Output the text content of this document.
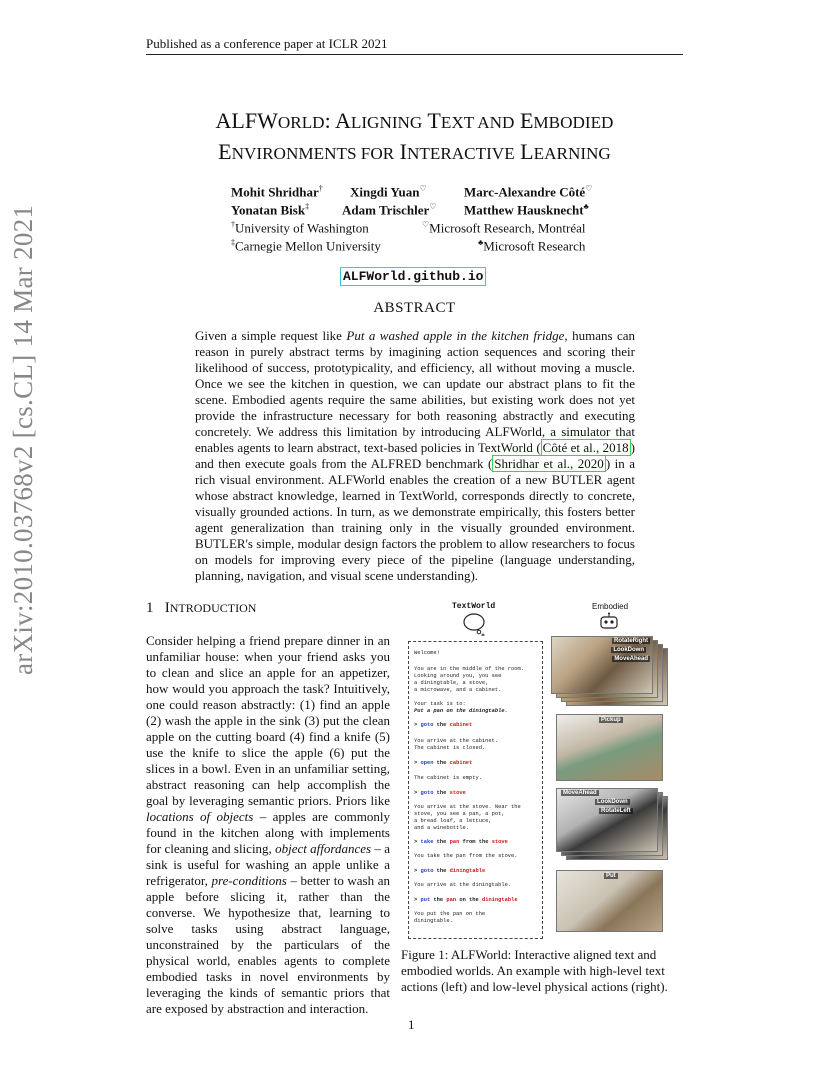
Published as a conference paper at ICLR 2021
arXiv:2010.03768v2 [cs.CL] 14 Mar 2021
ALFWORLD: ALIGNING TEXT AND EMBODIED
ENVIRONMENTS FOR INTERACTIVE LEARNING
Mohit Shridhar† Xingdi Yuan♡	Marc-Alexandre Côté♡
Yonatan Bisk‡	Adam Trischler♡ Matthew Hausknecht♣
†University of Washington	♡Microsoft Research, Montréal
‡Carnegie Mellon University	♣Microsoft Research
ALFWorld.github.io
ABSTRACT
Given a simple request like Put a washed apple in the kitchen fridge, humans can reason in purely abstract terms by imagining action sequences and scoring their likelihood of success, prototypicality, and efficiency, all without moving a muscle. Once we see the kitchen in question, we can update our abstract plans to fit the scene. Embodied agents require the same abilities, but existing work does not yet provide the infrastructure necessary for both reasoning abstractly and executing concretely. We address this limitation by introducing ALFWorld, a simulator that enables agents to learn abstract, text-based policies in TextWorld ( Côté et al., 2018 ) and then execute goals from the ALFRED benchmark ( Shridhar et al., 2020 ) in a rich visual environment. ALFWorld enables the creation of a new BUTLER agent whose abstract knowledge, learned in TextWorld, corresponds directly to concrete, visually grounded actions. In turn, as we demonstrate empirically, this fosters better agent generalization than training only in the visually grounded environment. BUTLER's simple, modular design factors the problem to allow researchers to focus on models for improving every piece of the pipeline (language understanding, planning, navigation, and visual scene understanding).
1 INTRODUCTION
Consider helping a friend prepare dinner in an unfamiliar house: when your friend asks you to clean and slice an apple for an appetizer, how would you approach the task? Intuitively, one could reason abstractly: (1) find an apple (2) wash the apple in the sink (3) put the clean apple on the cutting board (4) find a knife (5) use the knife to slice the apple (6) put the slices in a bowl. Even in an unfamiliar setting, abstract reasoning can help accomplish the goal by leveraging semantic priors. Priors like locations of objects – apples are commonly found in the kitchen along with implements for cleaning and slicing, object affordances – a sink is useful for washing an apple unlike a refrigerator, pre-conditions – better to wash an apple before slicing it, rather than the converse. We hypothesize that, learning to solve tasks using abstract language, unconstrained by the particulars of the physical world, enables agents to complete embodied tasks in novel environments by leveraging the kinds of semantic priors that are exposed by abstraction and interaction.
TextWorld	Embodied
Welcome!
You are in the middle of the room.
Looking around you, you see
a diningtable, a stove,
a microwave, and a cabinet.
Your task is to:
Put a pan on the diningtable.
> goto the cabinet
You arrive at the cabinet.
The cabinet is closed.
> open the cabinet
The cabinet is empty.
> goto the stove
You arrive at the stove. Near the
stove, you see a pan, a pot,
a bread loaf, a lettuce,
and a winebottle.
> take the pan from the stove
You take the pan from the stove.
> goto the diningtable
You arrive at the diningtable.
> put the pan on the diningtable
You put the pan on the
diningtable.
RotateRight
LookDown
MoveAhead
Pickup
MoveAhead
LookDown
RotateLeft
Put
Figure 1: ALFWorld: Interactive aligned text and embodied worlds. An example with high-level text actions (left) and low-level physical actions (right).
1
